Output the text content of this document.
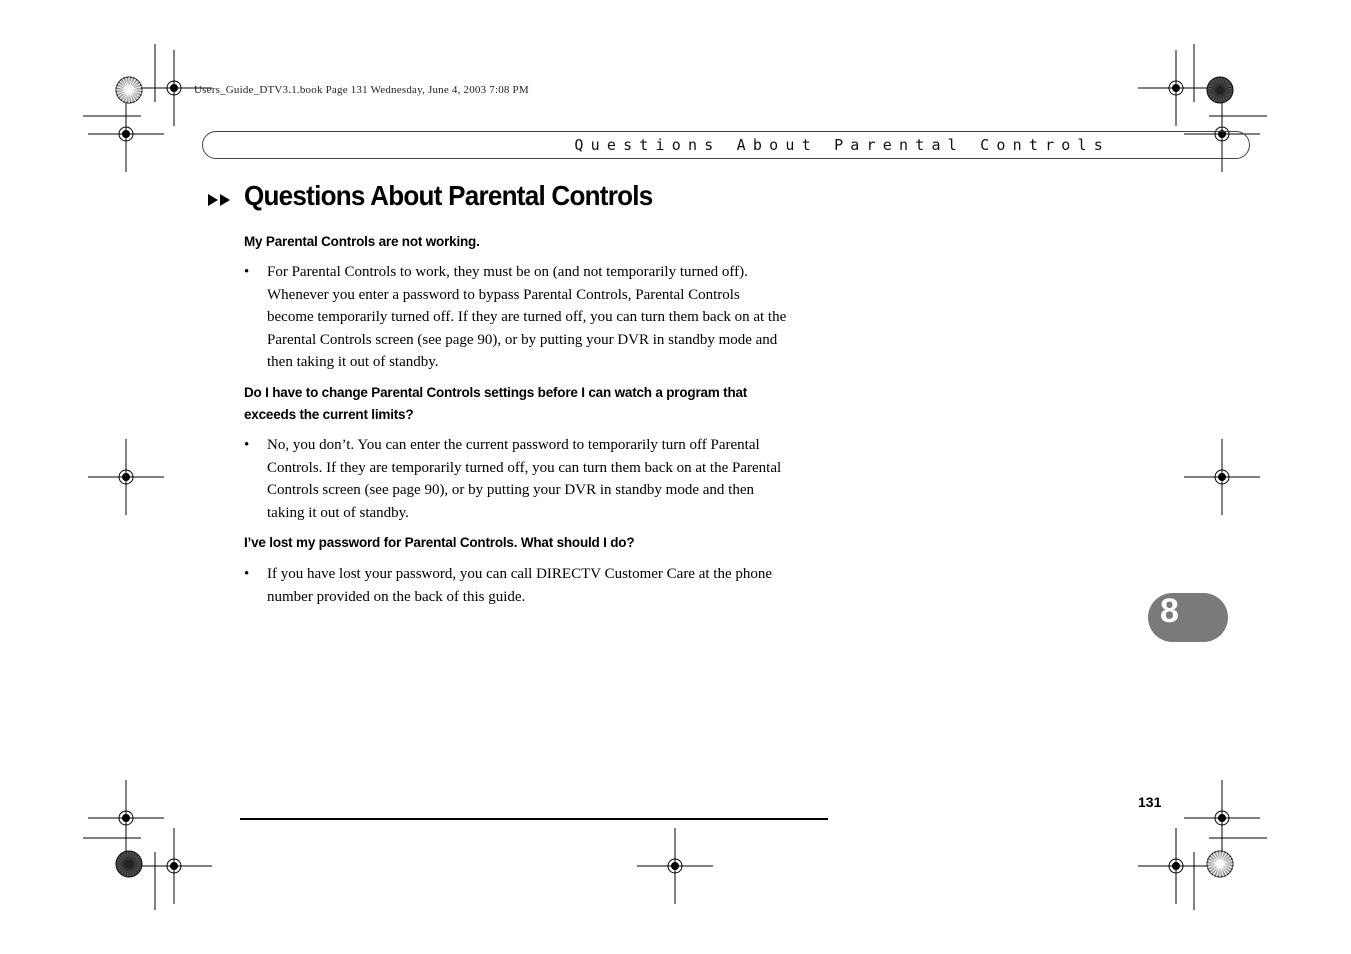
Users_Guide_DTV3.1.book Page 131 Wednesday, June 4, 2003 7:08 PM
Questions About Parental Controls
Questions About Parental Controls
My Parental Controls are not working.
• For Parental Controls to work, they must be on (and not temporarily turned off).
Whenever you enter a password to bypass Parental Controls, Parental Controls
become temporarily turned off. If they are turned off, you can turn them back on at the
Parental Controls screen (see page 90), or by putting your DVR in standby mode and
then taking it out of standby.
Do I have to change Parental Controls settings before I can watch a program that
exceeds the current limits?
• No, you don’t. You can enter the current password to temporarily turn off Parental
Controls. If they are temporarily turned off, you can turn them back on at the Parental
Controls screen (see page 90), or by putting your DVR in standby mode and then
taking it out of standby.
I’ve lost my password for Parental Controls. What should I do?
• If you have lost your password, you can call DIRECTV Customer Care at the phone
number provided on the back of this guide.	8
131
